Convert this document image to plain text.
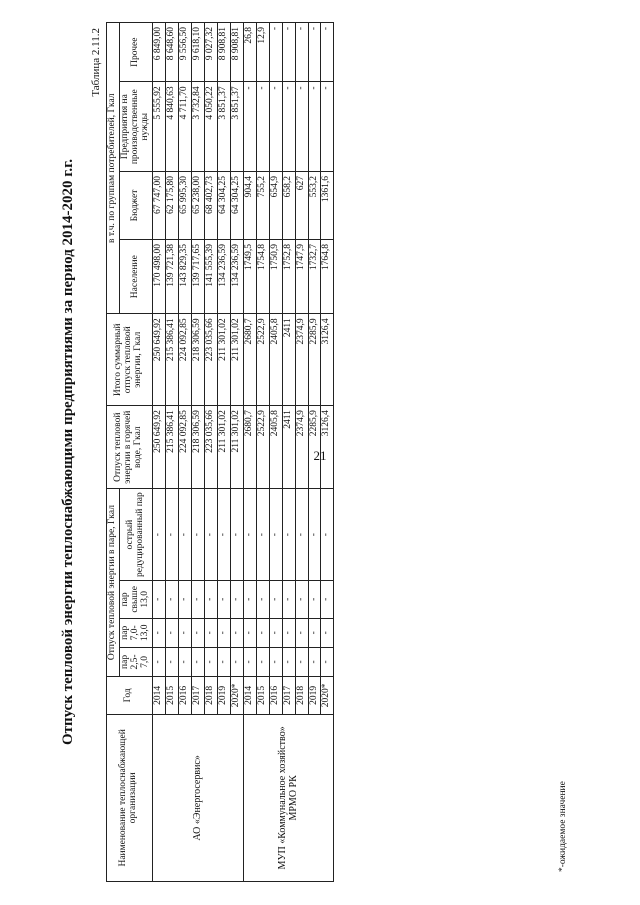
21
Отпуск тепловой энергии теплоснабжающими предприятиями за период 2014-2020 г.г.
Таблица 2.11.2
Наименование теплоснабжающей организации	Год	Отпуск тепловой энергии в паре, Гкал				Отпуск тепловой энергии в горячей воде, Гкал	Итого суммарный отпуск тепловой энергии, Гкал	в т.ч. по группам потребителей, Гкал			
		пар 2,5-7,0	пар 7,0-13,0	пар свыше 13,0	острый редуцированный пар			Население	Бюджет	Предприятия на производственные нужды	Прочее

АО «Энергосервис»	2014	-	-	-	-	250 649,92	250 649,92	170 498,00	67 747,00	5 555,92	6 849,00
	2015	-	-	-	-	215 386,41	215 386,41	139 721,38	62 175,80	4 840,63	8 648,60
	2016	-	-	-	-	224 092,85	224 092,85	143 829,35	65 995,30	4 711,70	9 556,50
	2017	-	-	-	-	218 306,59	218 306,59	139 717,65	65 238,00	3 732,84	9 618,10
	2018	-	-	-	-	223 035,66	223 035,66	141 555,39	68 402,73	4 050,22	9 027,32
	2019	-	-	-	-	211 301,02	211 301,02	134 236,59	64 304,25	3 851,37	8 908,81
	2020*	-	-	-	-	211 301,02	211 301,02	134 236,59	64 304,25	3 851,37	8 908,81
МУП «Коммунальное хозяйство» МРМО РК	2014	-	-	-	-	2680,7	2680,7	1749,5	904,4	-	26,8
	2015	-	-	-	-	2522,9	2522,9	1754,8	755,2	-	12,9
	2016	-	-	-	-	2405,8	2405,8	1750,9	654,9	-	-
	2017	-	-	-	-	2411	2411	1752,8	658,2	-	-
	2018	-	-	-	-	2374,9	2374,9	1747,9	627	-	-
	2019	-	-	-	-	2285,9	2285,9	1732,7	553,2	-	-
	2020*	-	-	-	-	3126,4	3126,4	1764,8	1361,6	-	-
*-ожидаемое значение
